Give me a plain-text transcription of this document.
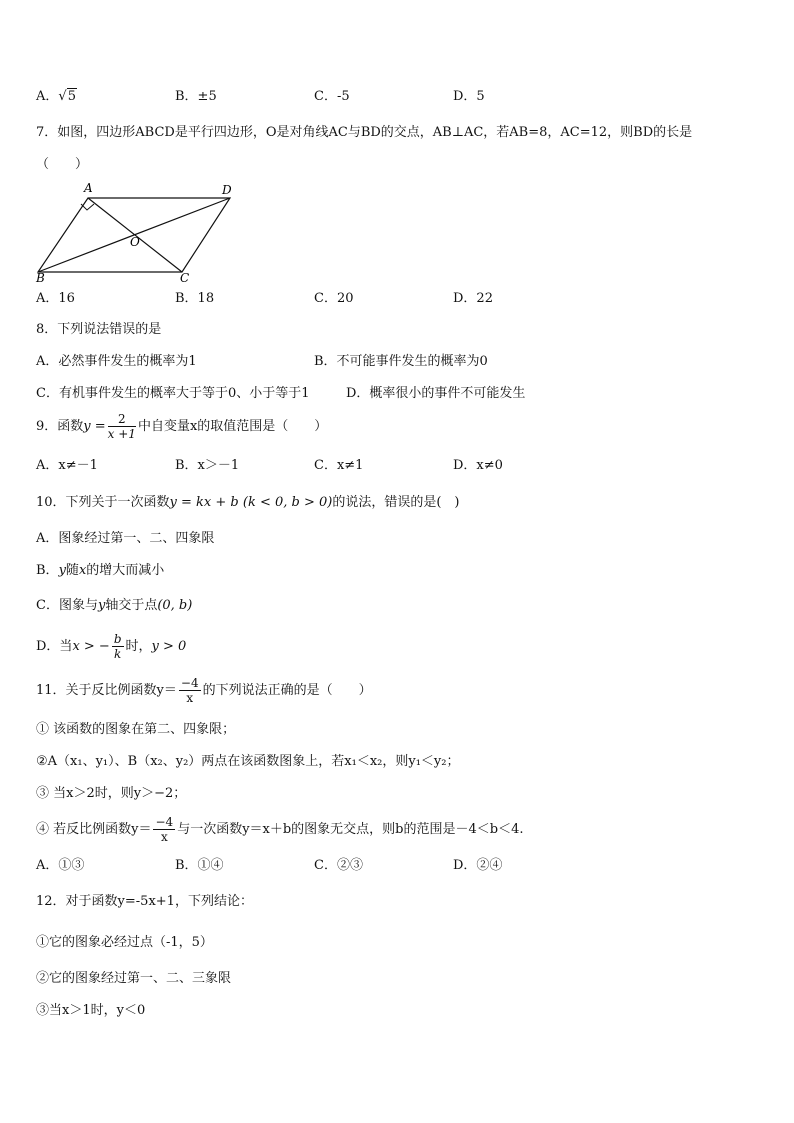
A．√5	B．±5	C．-5	D．5
7．如图，四边形ABCD是平行四边形，O是对角线AC与BD的交点，AB⊥AC，若AB=8，AC=12，则BD的长是
（　　）
A	D
B	C
O
A．16	B．18	C．20	D．22
8．下列说法错误的是
A．必然事件发生的概率为1	B．不可能事件发生的概率为0
C．有机事件发生的概率大于等于0、小于等于1	D．概率很小的事件不可能发生
9．函数$y = \frac{2}{x +1}$ 中自变量x的取值范围是（　　）
A．x≠－1	B．x＞－1	C．x≠1	D．x≠0
10．下列关于一次函数y = kx + b (k < 0, b > 0)的说法，错误的是(　)
A．图象经过第一、二、四象限
B．y随x的增大而减小
C．图象与y轴交于点(0, b)
D．当x > − $\frac{b}{k}$ 时，y > 0
11．关于反比例函数$y= \frac{-4}{x}$ 的下列说法正确的是（　　）
① 该函数的图象在第二、四象限；
②A（x₁、y₁）、B（x₂、y₂）两点在该函数图象上，若x₁＜x₂，则y₁＜y₂；
③ 当x＞2时，则y＞−2；
④ 若反比例函数$y= \frac{-4}{x}$ 与一次函数y＝x＋b的图象无交点，则b的范围是－4＜b＜4.
A．①③	B．①④	C．②③	D．②④
12．对于函数y=-5x+1，下列结论：
①它的图象必经过点（-1，5）
②它的图象经过第一、二、三象限
③当x＞1时，y＜0
